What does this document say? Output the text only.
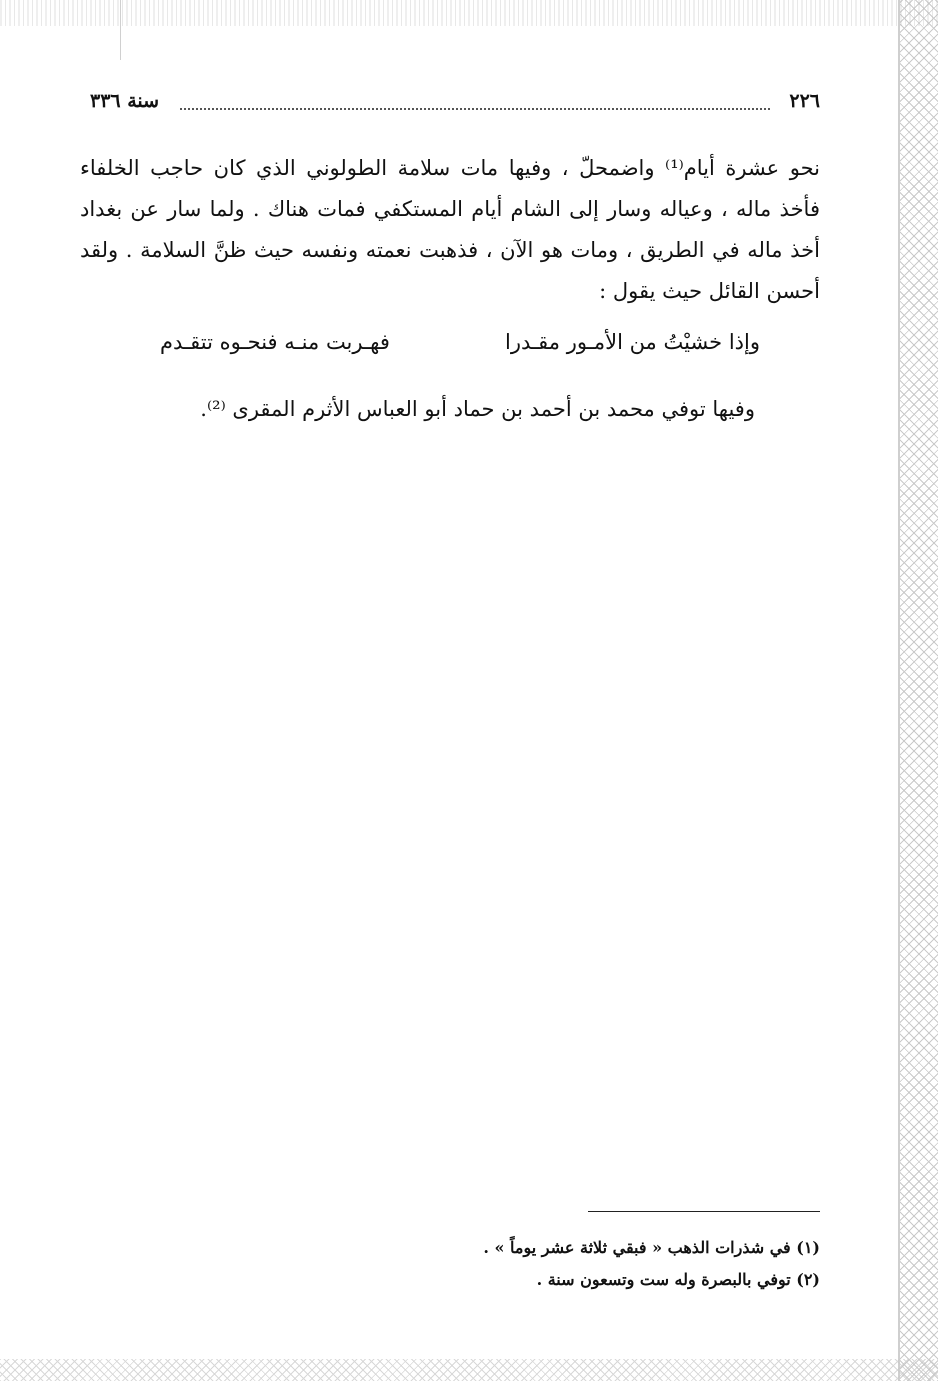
٢٢٦
سنة ٣٣٦

نحو عشرة أيام⁽¹⁾ واضمحلّ ، وفيها مات سلامة الطولوني الذي كان حاجب الخلفاء فأخذ ماله ، وعياله وسار إلى الشام أيام المستكفي فمات هناك . ولما سار عن بغداد أخذ ماله في الطريق ، ومات هو الآن ، فذهبت نعمته ونفسه حيث ظنَّ السلامة . ولقد أحسن القائل حيث يقول :

وإذا خشيْتُ من الأمـور مقـدرا
فهـربت منـه فنحـوه تتقـدم
وفيها توفي محمد بن أحمد بن حماد أبو العباس الأثرم المقرى ⁽²⁾.
(١) في شذرات الذهب « فبقي ثلاثة عشر يوماً » .
(٢) توفي بالبصرة وله ست وتسعون سنة .
